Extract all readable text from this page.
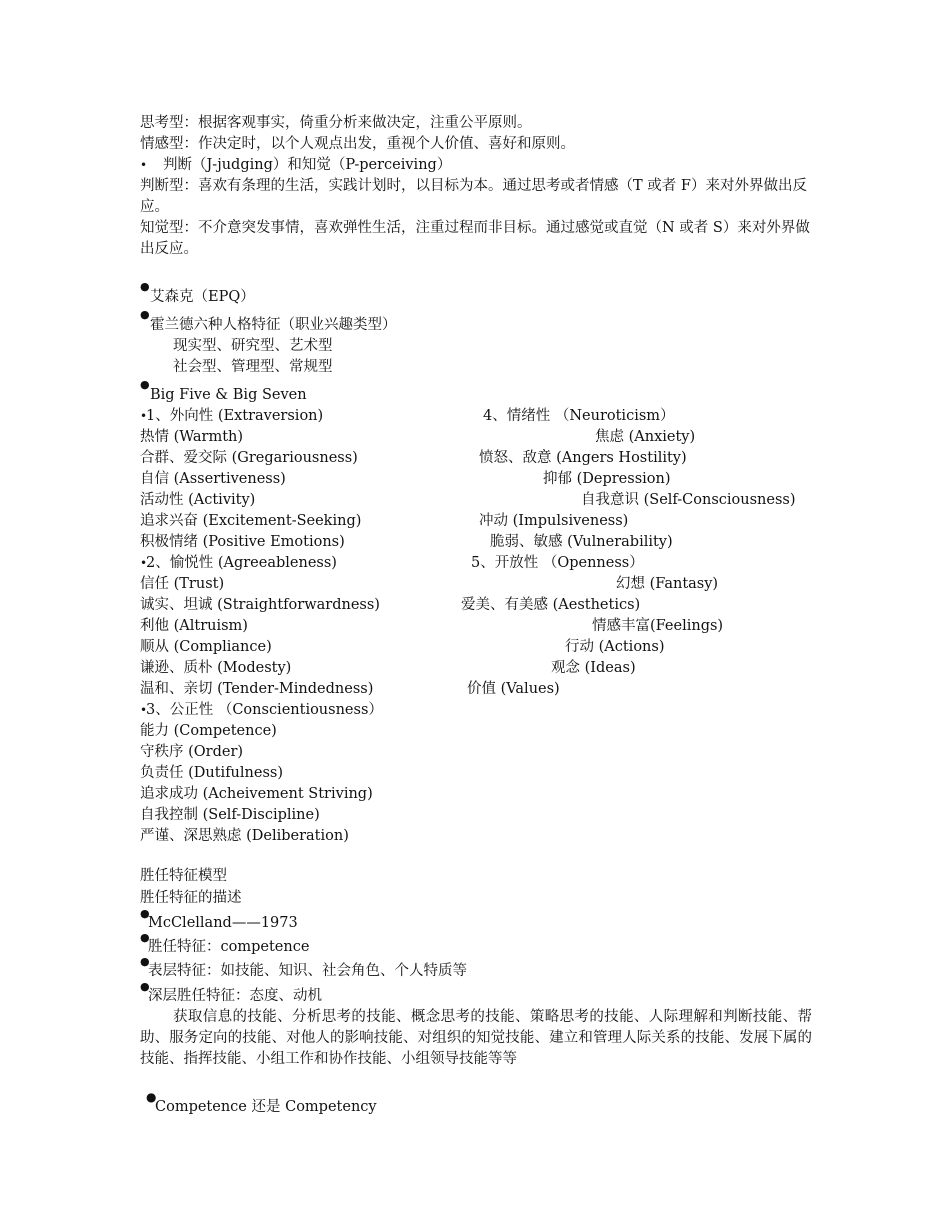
思考型：根据客观事实，倚重分析来做决定，注重公平原则。
情感型：作决定时，以个人观点出发，重视个人价值、喜好和原则。
• 判断（J-judging）和知觉（P-perceiving）
判断型：喜欢有条理的生活，实践计划时，以目标为本。通过思考或者情感（T 或者 F）来对外界做出反应。
知觉型：不介意突发事情，喜欢弹性生活，注重过程而非目标。通过感觉或直觉（N 或者 S）来对外界做出反应。
●
艾森克（EPQ）
●
霍兰德六种人格特征（职业兴趣类型）
现实型、研究型、艺术型
社会型、管理型、常规型
●
Big Five & Big Seven
•
1、外向性 (Extraversion)	4、情绪性 （Neuroticism）
热情 (Warmth)	焦虑 (Anxiety)
合群、爱交际 (Gregariousness)	愤怒、敌意 (Angers Hostility)
自信 (Assertiveness)	抑郁 (Depression)
活动性 (Activity)	自我意识 (Self-Consciousness)
追求兴奋 (Excitement-Seeking)	冲动 (Impulsiveness)
积极情绪 (Positive Emotions)	脆弱、敏感 (Vulnerability)
•
2、愉悦性 (Agreeableness)	5、开放性 （Openness）
信任 (Trust)	幻想 (Fantasy)
诚实、坦诚 (Straightforwardness)	爱美、有美感 (Aesthetics)
利他 (Altruism)	情感丰富(Feelings)
顺从 (Compliance)	行动 (Actions)
谦逊、质朴 (Modesty)	观念 (Ideas)
温和、亲切 (Tender-Mindedness)	价值 (Values)
•
3、公正性 （Conscientiousness）
能力 (Competence)
守秩序 (Order)
负责任 (Dutifulness)
追求成功 (Acheivement Striving)
自我控制 (Self-Discipline)
严谨、深思熟虑 (Deliberation)
胜任特征模型
胜任特征的描述
●
McClelland——1973
●
胜任特征：competence
●
表层特征：如技能、知识、社会角色、个人特质等
●
深层胜任特征：态度、动机
获取信息的技能、分析思考的技能、概念思考的技能、策略思考的技能、人际理解和判断技能、帮助、服务定向的技能、对他人的影响技能、对组织的知觉技能、建立和管理人际关系的技能、发展下属的技能、指挥技能、小组工作和协作技能、小组领导技能等等
●
Competence 还是 Competency
